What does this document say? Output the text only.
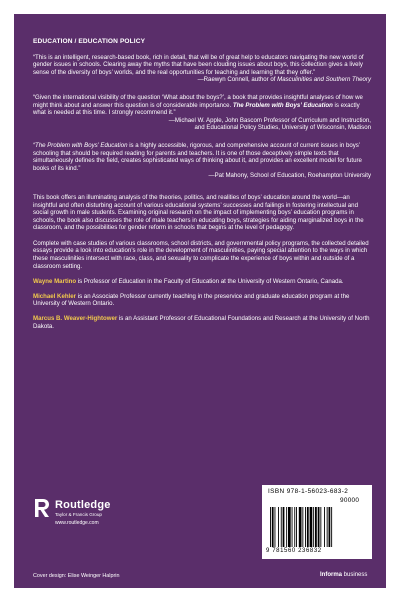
EDUCATION / EDUCATION POLICY

“This is an intelligent, research-based book, rich in detail, that will be of great help to educators navigating the new world of gender issues in schools. Clearing away the myths that have been clouding issues about boys, this collection gives a lively sense of the diversity of boys’ worlds, and the real opportunities for teaching and learning that they offer.”

—Raewyn Connell, author of Masculinities and Southern Theory

“Given the international visibility of the question ‘What about the boys?’, a book that provides insightful analyses of how we might think about and answer this question is of considerable importance. The Problem with Boys’ Education is exactly what is needed at this time. I strongly recommend it.”

—Michael W. Apple, John Bascom Professor of Curriculum and Instruction,
and Educational Policy Studies, University of Wisconsin, Madison

“The Problem with Boys’ Education is a highly accessible, rigorous, and comprehensive account of current issues in boys’ schooling that should be required reading for parents and teachers. It is one of those deceptively simple texts that simultaneously defines the field, creates sophisticated ways of thinking about it, and provides an excellent model for future books of its kind.”

—Pat Mahony, School of Education, Roehampton University

This book offers an illuminating analysis of the theories, politics, and realities of boys’ education around the world—an insightful and often disturbing account of various educational systems’ successes and failings in fostering intellectual and social growth in male students. Examining original research on the impact of implementing boys’ education programs in schools, the book also discusses the role of male teachers in educating boys, strategies for aiding marginalized boys in the classroom, and the possibilities for gender reform in schools that begins at the level of pedagogy.

Complete with case studies of various classrooms, school districts, and governmental policy programs, the collected detailed essays provide a look into education’s role in the development of masculinities, paying special attention to the ways in which these masculinities intersect with race, class, and sexuality to complicate the experience of boys within and outside of a classroom setting.

Wayne Martino is Professor of Education in the Faculty of Education at the University of Western Ontario, Canada.
Michael Kehler is an Associate Professor currently teaching in the preservice and graduate education program at the University of Western Ontario.
Marcus B. Weaver-Hightower is an Assistant Professor of Educational Foundations and Research at the University of North Dakota.
Routledge
Taylor & Francis Group
www.routledge.com
ISBN 978-1-56023-683-2
90000
9 781560 236832
Cover design: Elise Weinger Halprin	Informa business
